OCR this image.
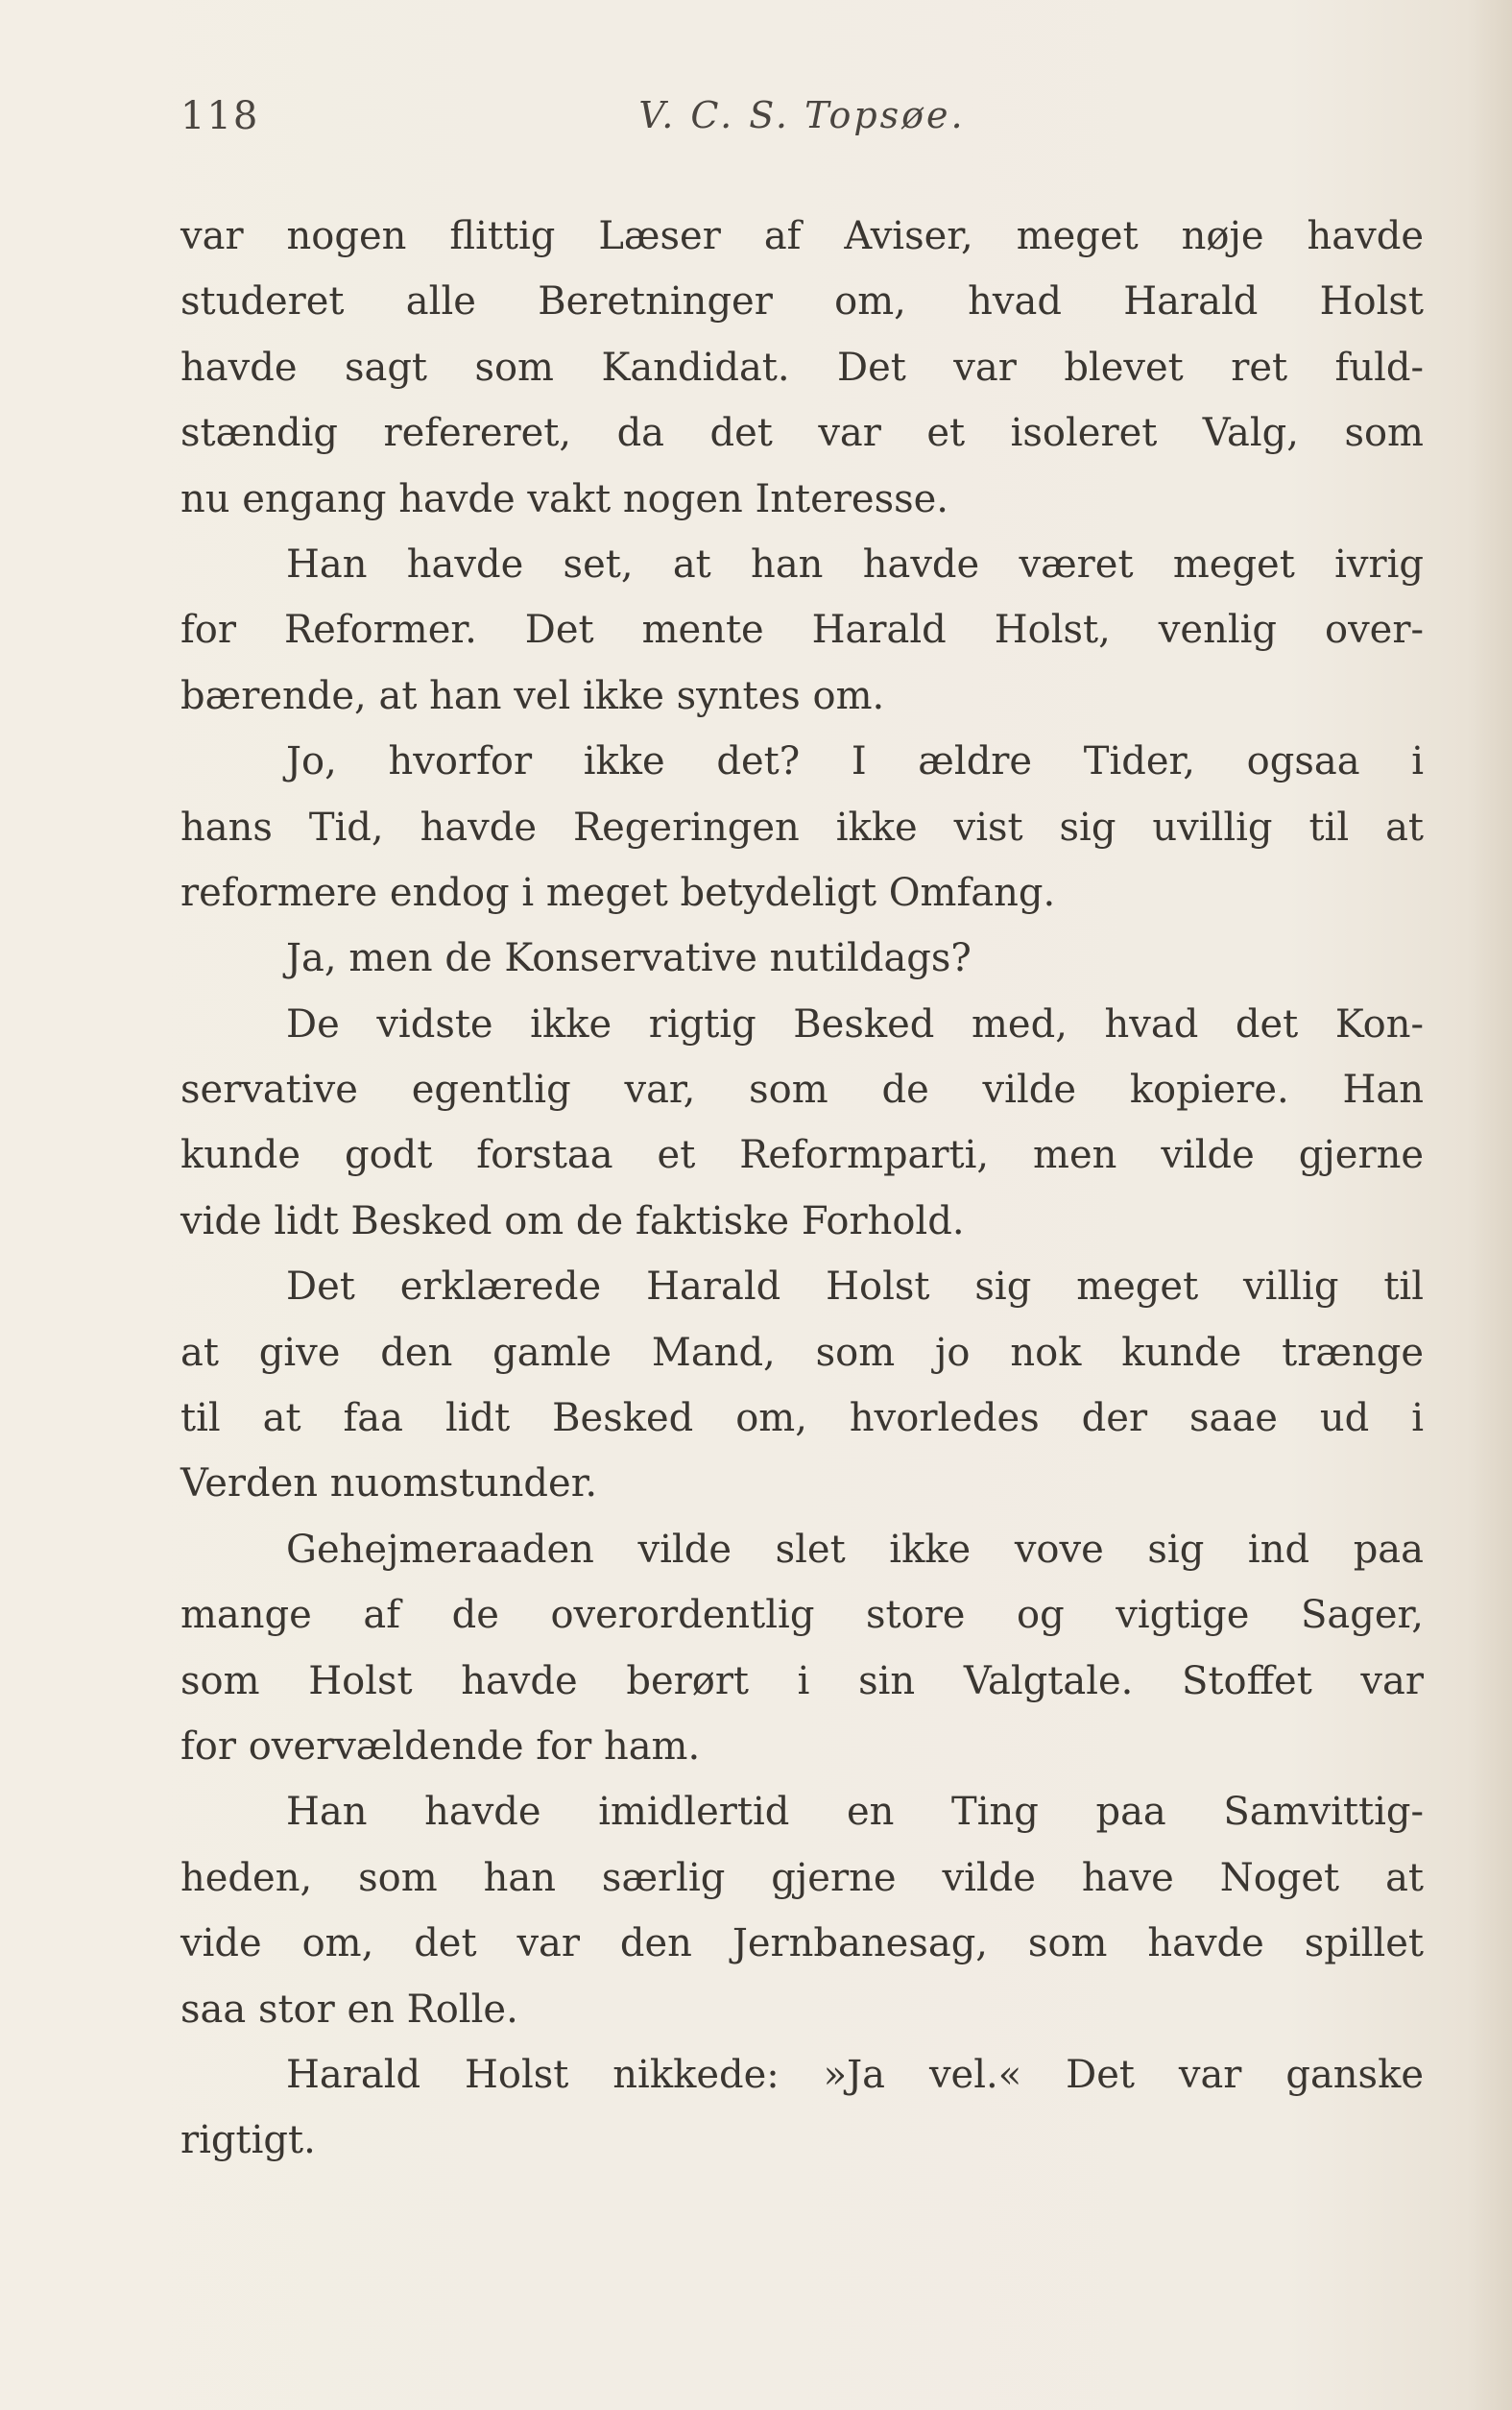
118	V. C. S. Topsøe.
var nogen flittig Læser af Aviser, meget nøje havde
studeret alle Beretninger om, hvad Harald Holst
havde sagt som Kandidat. Det var blevet ret fuld-
stændig refereret, da det var et isoleret Valg, som
nu engang havde vakt nogen Interesse.
Han havde set, at han havde været meget ivrig
for Reformer. Det mente Harald Holst, venlig over-
bærende, at han vel ikke syntes om.
Jo, hvorfor ikke det? I ældre Tider, ogsaa i
hans Tid, havde Regeringen ikke vist sig uvillig til at
reformere endog i meget betydeligt Omfang.
Ja, men de Konservative nutildags?
De vidste ikke rigtig Besked med, hvad det Kon-
servative egentlig var, som de vilde kopiere. Han
kunde godt forstaa et Reformparti, men vilde gjerne
vide lidt Besked om de faktiske Forhold.
Det erklærede Harald Holst sig meget villig til
at give den gamle Mand, som jo nok kunde trænge
til at faa lidt Besked om, hvorledes der saae ud i
Verden nuomstunder.
Gehejmeraaden vilde slet ikke vove sig ind paa
mange af de overordentlig store og vigtige Sager,
som Holst havde berørt i sin Valgtale. Stoffet var
for overvældende for ham.
Han havde imidlertid en Ting paa Samvittig-
heden, som han særlig gjerne vilde have Noget at
vide om, det var den Jernbanesag, som havde spillet
saa stor en Rolle.
Harald Holst nikkede: »Ja vel.« Det var ganske
rigtigt.
